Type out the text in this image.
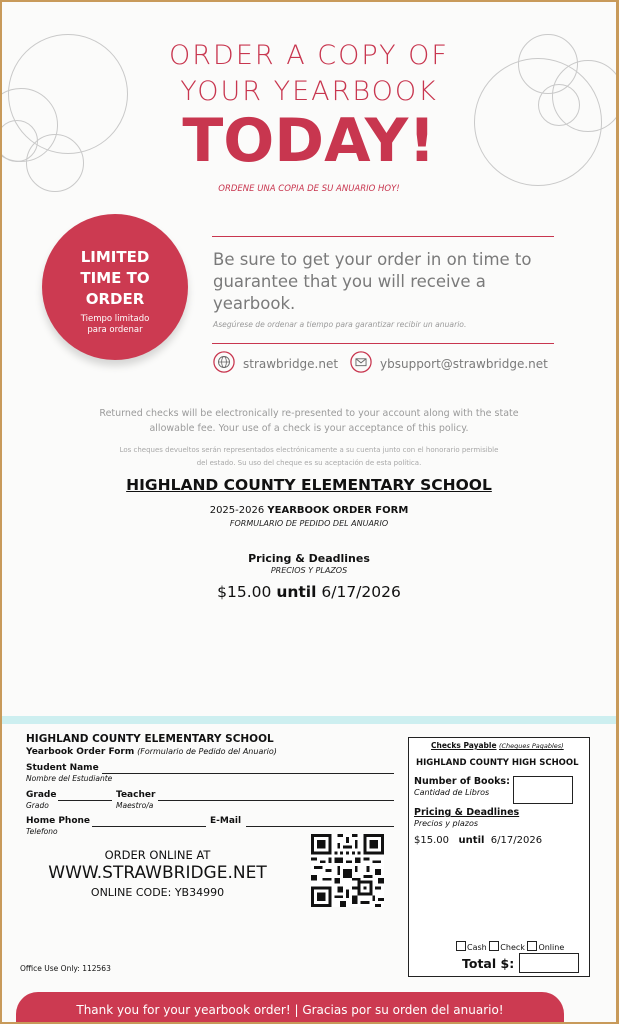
ORDER A COPY OF
YOUR YEARBOOK
TODAY!
ORDENE UNA COPIA DE SU ANUARIO HOY!
LIMITED
TIME TO
ORDER
Tiempo limitado
para ordenar
Be sure to get your order in on time to guarantee that you will receive a yearbook.
Asegúrese de ordenar a tiempo para garantizar recibir un anuario.
strawbridge.net	ybsupport@strawbridge.net
Returned checks will be electronically re-presented to your account along with the state
allowable fee. Your use of a check is your acceptance of this policy.
Los cheques devueltos serán representados electrónicamente a su cuenta junto con el honorario permisible
del estado. Su uso del cheque es su aceptación de esta política.
HIGHLAND COUNTY ELEMENTARY SCHOOL
2025-2026 YEARBOOK ORDER FORM
FORMULARIO DE PEDIDO DEL ANUARIO
Pricing & Deadlines
PRECIOS Y PLAZOS
$15.00 until 6/17/2026
HIGHLAND COUNTY ELEMENTARY SCHOOL
Yearbook Order Form (Formulario de Pedido del Anuario)
Student Name
Nombre del Estudiante
Grade
Grado
Teacher
Maestro/a
Home Phone
Telefono
E-Mail
ORDER ONLINE AT
WWW.STRAWBRIDGE.NET
ONLINE CODE: YB34990
Office Use Only: 112563
Checks Payable (Cheques Pagables)
HIGHLAND COUNTY HIGH SCHOOL
Number of Books:
Cantidad de Libros
Pricing & Deadlines
Precios y plazos
$15.00 until 6/17/2026
Cash Check Online
Total $:
Thank you for your yearbook order! | Gracias por su orden del anuario!
